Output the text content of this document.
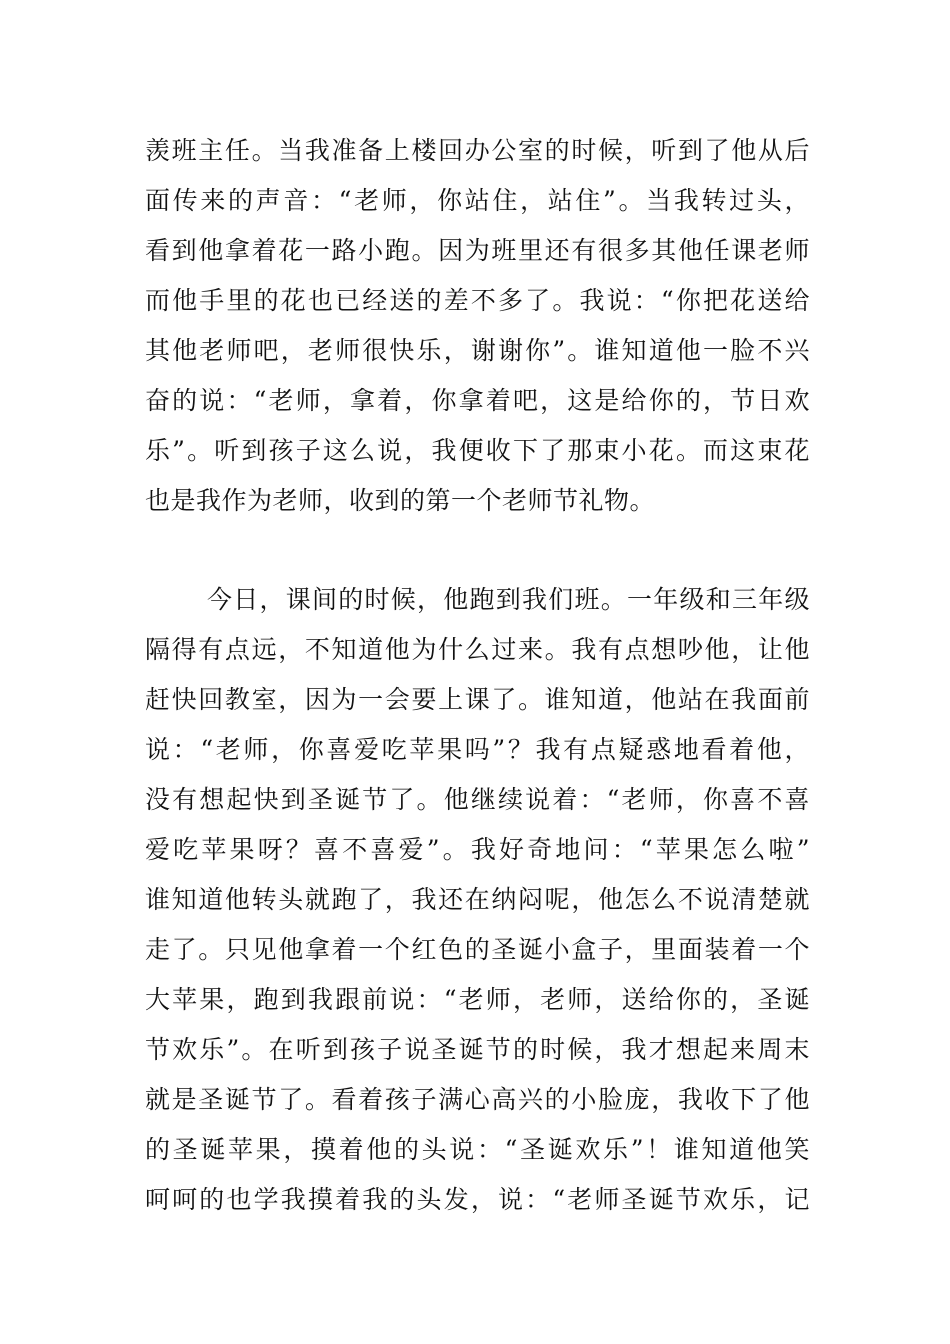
羡班主任。当我准备上楼回办公室的时候，听到了他从后
面传来的声音：“老师，你站住，站住”。当我转过头，
看到他拿着花一路小跑。因为班里还有很多其他任课老师
而他手里的花也已经送的差不多了。我说：“你把花送给
其他老师吧，老师很快乐，谢谢你”。谁知道他一脸不兴
奋的说：“老师，拿着，你拿着吧，这是给你的，节日欢
乐”。听到孩子这么说，我便收下了那束小花。而这束花
也是我作为老师，收到的第一个老师节礼物。
今日，课间的时候，他跑到我们班。一年级和三年级
隔得有点远，不知道他为什么过来。我有点想吵他，让他
赶快回教室，因为一会要上课了。谁知道，他站在我面前
说：“老师，你喜爱吃苹果吗”？我有点疑惑地看着他，
没有想起快到圣诞节了。他继续说着：“老师，你喜不喜
爱吃苹果呀？喜不喜爱”。我好奇地问：“苹果怎么啦”
谁知道他转头就跑了，我还在纳闷呢，他怎么不说清楚就
走了。只见他拿着一个红色的圣诞小盒子，里面装着一个
大苹果，跑到我跟前说：“老师，老师，送给你的，圣诞
节欢乐”。在听到孩子说圣诞节的时候，我才想起来周末
就是圣诞节了。看着孩子满心高兴的小脸庞，我收下了他
的圣诞苹果，摸着他的头说：“圣诞欢乐”！谁知道他笑
呵呵的也学我摸着我的头发，说：“老师圣诞节欢乐，记
